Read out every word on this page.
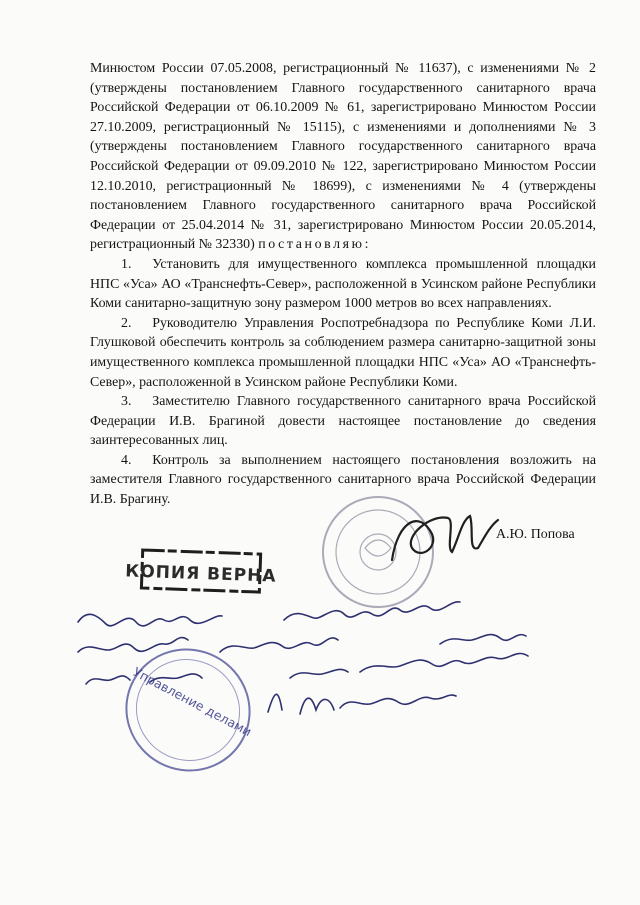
Минюстом России 07.05.2008, регистрационный № 11637), с изменениями № 2 (утверждены постановлением Главного государственного санитарного врача Российской Федерации от 06.10.2009 № 61, зарегистрировано Минюстом России 27.10.2009, регистрационный № 15115), с изменениями и дополнениями № 3 (утверждены постановлением Главного государственного санитарного врача Российской Федерации от 09.09.2010 № 122, зарегистрировано Минюстом России 12.10.2010, регистрационный № 18699), с изменениями № 4 (утверждены постановлением Главного государственного санитарного врача Российской Федерации от 25.04.2014 № 31, зарегистрировано Минюстом России 20.05.2014, регистрационный № 32330) постановляю:

1.   Установить для имущественного комплекса промышленной площадки НПС «Уса» АО «Транснефть-Север», расположенной в Усинском районе Республики Коми санитарно-защитную зону размером 1000 метров во всех направлениях.

2.   Руководителю Управления Роспотребнадзора по Республике Коми Л.И. Глушковой обеспечить контроль за соблюдением размера санитарно-защитной зоны имущественного комплекса промышленной площадки НПС «Уса» АО «Транснефть-Север», расположенной в Усинском районе Республики Коми.

3.   Заместителю Главного государственного санитарного врача Российской Федерации И.В. Брагиной довести настоящее постановление до сведения заинтересованных лиц.

4.   Контроль за выполнением настоящего постановления возложить на заместителя Главного государственного санитарного врача Российской Федерации И.В. Брагину.

А.Ю. Попова
КОПИЯ ВЕРНА
Управление делами
